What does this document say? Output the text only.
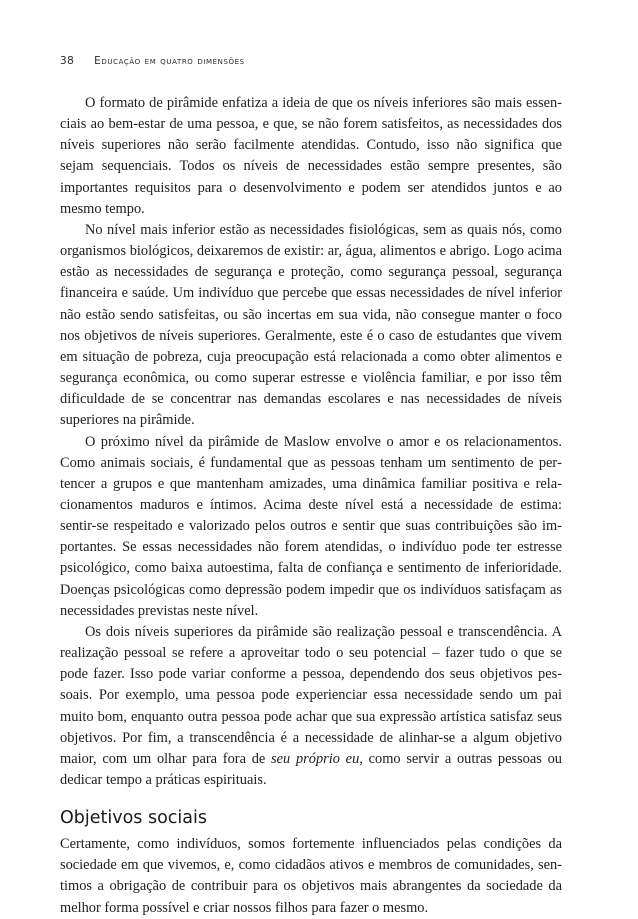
38 Educação em quatro dimensões

O formato de pirâmide enfatiza a ideia de que os níveis inferiores são mais essenciais ao bem-estar de uma pessoa, e que, se não forem satisfeitos, as necessidades dos níveis superiores não serão facilmente atendidas. Contudo, isso não significa que sejam sequenciais. Todos os níveis de necessidades estão sempre presentes, são importantes requisitos para o desenvolvimento e podem ser atendidos juntos e ao mesmo tempo.

No nível mais inferior estão as necessidades fisiológicas, sem as quais nós, como organismos biológicos, deixaremos de existir: ar, água, alimentos e abrigo. Logo acima estão as necessidades de segurança e proteção, como segurança pessoal, segurança financeira e saúde. Um indivíduo que percebe que essas necessidades de nível inferior não estão sendo satisfeitas, ou são incertas em sua vida, não consegue manter o foco nos objetivos de níveis superiores. Geralmente, este é o caso de estudantes que vivem em situação de pobreza, cuja preocupação está relacionada a como obter alimentos e segurança econômica, ou como superar estresse e violência familiar, e por isso têm dificuldade de se concentrar nas demandas escolares e nas necessidades de níveis superiores na pirâmide.

O próximo nível da pirâmide de Maslow envolve o amor e os relacionamentos. Como animais sociais, é fundamental que as pessoas tenham um sentimento de pertencer a grupos e que mantenham amizades, uma dinâmica familiar positiva e relacionamentos maduros e íntimos. Acima deste nível está a necessidade de estima: sentir-se respeitado e valorizado pelos outros e sentir que suas contribuições são importantes. Se essas necessidades não forem atendidas, o indivíduo pode ter estresse psicológico, como baixa autoestima, falta de confiança e sentimento de inferioridade. Doenças psicológicas como depressão podem impedir que os indivíduos satisfaçam as necessidades previstas neste nível.

Os dois níveis superiores da pirâmide são realização pessoal e transcendência. A realização pessoal se refere a aproveitar todo o seu potencial – fazer tudo o que se pode fazer. Isso pode variar conforme a pessoa, dependendo dos seus objetivos pessoais. Por exemplo, uma pessoa pode experienciar essa necessidade sendo um pai muito bom, enquanto outra pessoa pode achar que sua expressão artística satisfaz seus objetivos. Por fim, a transcendência é a necessidade de alinhar-se a algum objetivo maior, com um olhar para fora de seu próprio eu, como servir a outras pessoas ou dedicar tempo a práticas espirituais.

Objetivos sociais

Certamente, como indivíduos, somos fortemente influenciados pelas condições da sociedade em que vivemos, e, como cidadãos ativos e membros de comunidades, sentimos a obrigação de contribuir para os objetivos mais abrangentes da sociedade da melhor forma possível e criar nossos filhos para fazer o mesmo.
